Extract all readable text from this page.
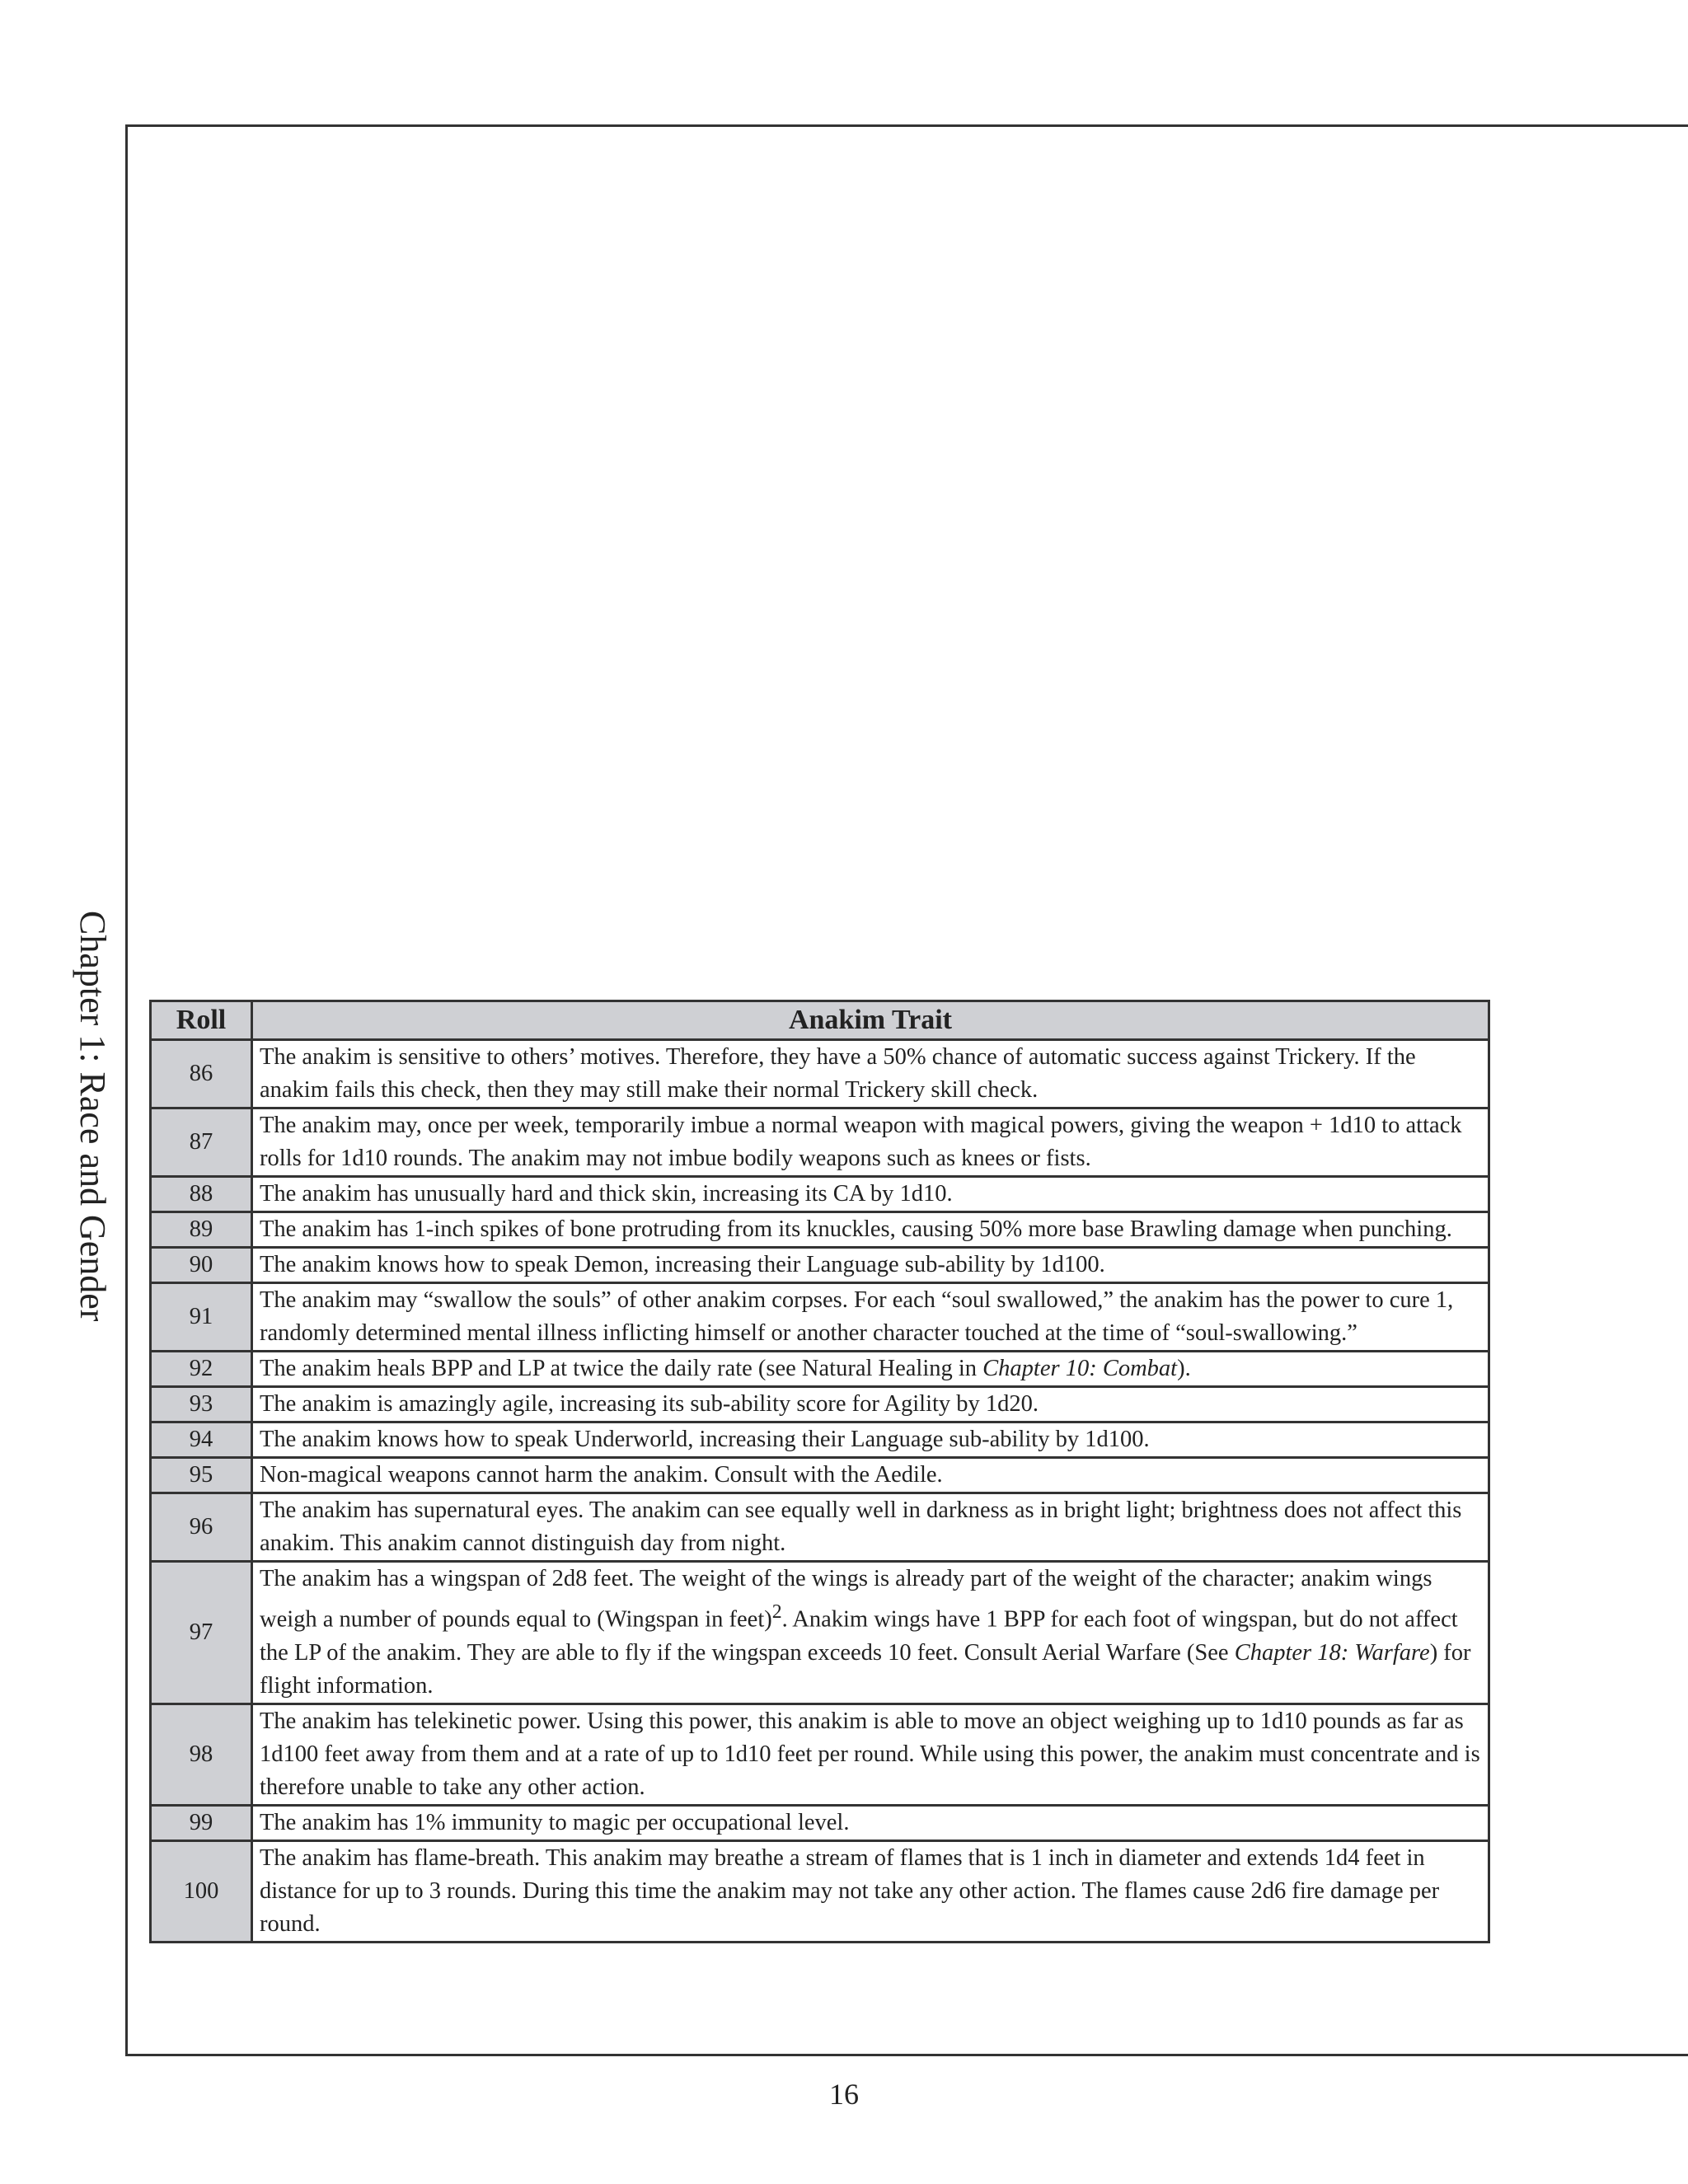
Chapter 1: Race and Gender Roll	Anakim Trait
86	The anakim is sensitive to others’ motives. Therefore, they have a 50% chance of automatic success against Trickery. If the anakim fails this check, then they may still make their normal Trickery skill check.
87	The anakim may, once per week, temporarily imbue a normal weapon with magical powers, giving the weapon + 1d10 to attack rolls for 1d10 rounds. The anakim may not imbue bodily weapons such as knees or fists.
88	The anakim has unusually hard and thick skin, increasing its CA by 1d10.
89	The anakim has 1-inch spikes of bone protruding from its knuckles, causing 50% more base Brawling damage when punching.
90	The anakim knows how to speak Demon, increasing their Language sub-ability by 1d100.
91	The anakim may “swallow the souls” of other anakim corpses. For each “soul swallowed,” the anakim has the power to cure 1, randomly determined mental illness inflicting himself or another character touched at the time of “soul-swallowing.”
92	The anakim heals BPP and LP at twice the daily rate (see Natural Healing in Chapter 10: Combat).
93	The anakim is amazingly agile, increasing its sub-ability score for Agility by 1d20.
94	The anakim knows how to speak Underworld, increasing their Language sub-ability by 1d100.
95	Non-magical weapons cannot harm the anakim. Consult with the Aedile.
96	The anakim has supernatural eyes. The anakim can see equally well in darkness as in bright light; brightness does not affect this anakim. This anakim cannot distinguish day from night.
97	The anakim has a wingspan of 2d8 feet. The weight of the wings is already part of the weight of the character; anakim wings weigh a number of pounds equal to (Wingspan in feet)$^2$. Anakim wings have 1 BPP for each foot of wingspan, but do not affect the LP of the anakim. They are able to fly if the wingspan exceeds 10 feet. Consult Aerial Warfare (See Chapter 18: Warfare) for flight information.
98	The anakim has telekinetic power. Using this power, this anakim is able to move an object weighing up to 1d10 pounds as far as 1d100 feet away from them and at a rate of up to 1d10 feet per round. While using this power, the anakim must concentrate and is therefore unable to take any other action.
99	The anakim has 1% immunity to magic per occupational level.
100	The anakim has flame-breath. This anakim may breathe a stream of flames that is 1 inch in diameter and extends 1d4 feet in distance for up to 3 rounds. During this time the anakim may not take any other action. The flames cause 2d6 fire damage per round.
16
